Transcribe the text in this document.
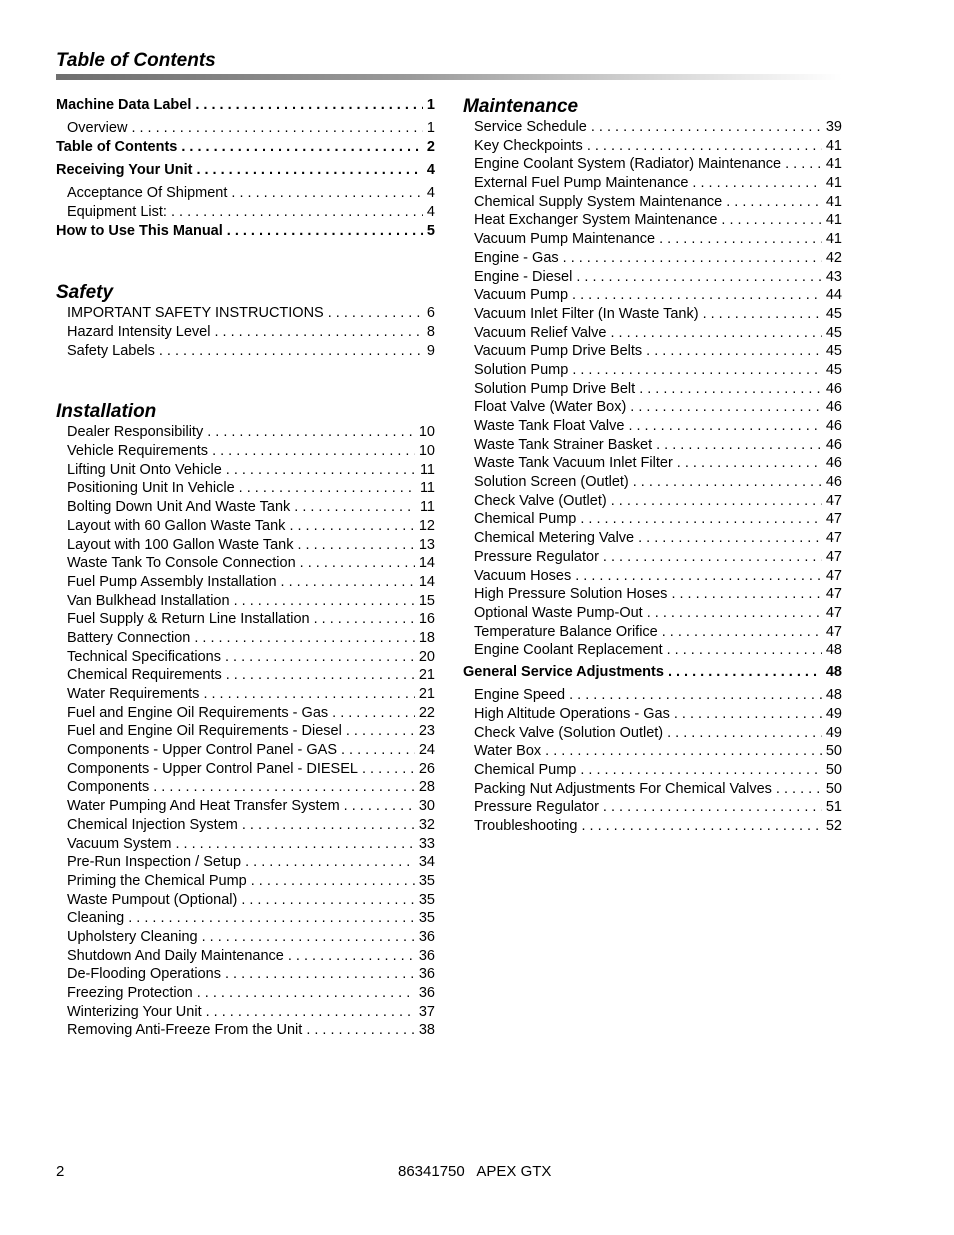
Table of Contents
Machine Data Label . . .	1
Overview . . .	1
Table of Contents . . .	2
Receiving Your Unit . . .	4
Acceptance Of Shipment . . .	4
Equipment List: . . .	4
How to Use This Manual . . .	5
Safety
IMPORTANT SAFETY INSTRUCTIONS . . .	6
Hazard Intensity Level . . .	8
Safety Labels . . .	9
Installation
Dealer Responsibility . . .	10
Vehicle Requirements . . .	10
Lifting Unit Onto Vehicle . . .	11
Positioning Unit In Vehicle . . .	11
Bolting Down Unit And Waste Tank . . .	11
Layout with 60 Gallon Waste Tank . . .	12
Layout with 100 Gallon Waste Tank . . .	13
Waste Tank To Console Connection . . .	14
Fuel Pump Assembly Installation . . .	14
Van Bulkhead Installation . . .	15
Fuel Supply & Return Line Installation . . .	16
Battery Connection . . .	18
Technical Specifications . . .	20
Chemical Requirements . . .	21
Water Requirements . . .	21
Fuel and Engine Oil Requirements - Gas . . .	22
Fuel and Engine Oil Requirements - Diesel . . .	23
Components - Upper Control Panel - GAS . . .	24
Components - Upper Control Panel - DIESEL . . .	26
Components . . .	28
Water Pumping And Heat Transfer System . . .	30
Chemical Injection System . . .	32
Vacuum System . . .	33
Pre-Run Inspection / Setup . . .	34
Priming the Chemical Pump . . .	35
Waste Pumpout (Optional) . . .	35
Cleaning . . .	35
Upholstery Cleaning . . .	36
Shutdown And Daily Maintenance . . .	36
De-Flooding Operations . . .	36
Freezing Protection . . .	36
Winterizing Your Unit . . .	37
Removing Anti-Freeze From the Unit . . .	38
Maintenance
Service Schedule . . .	39
Key Checkpoints . . .	41
Engine Coolant System (Radiator) Maintenance . . .	41
External Fuel Pump Maintenance . . .	41
Chemical Supply System Maintenance . . .	41
Heat Exchanger System Maintenance . . .	41
Vacuum Pump Maintenance . . .	41
Engine - Gas . . .	42
Engine - Diesel . . .	43
Vacuum Pump . . .	44
Vacuum Inlet Filter (In Waste Tank) . . .	45
Vacuum Relief Valve . . .	45
Vacuum Pump Drive Belts . . .	45
Solution Pump . . .	45
Solution Pump Drive Belt . . .	46
Float Valve (Water Box) . . .	46
Waste Tank Float Valve . . .	46
Waste Tank Strainer Basket . . .	46
Waste Tank Vacuum Inlet Filter . . .	46
Solution Screen (Outlet) . . .	46
Check Valve (Outlet) . . .	47
Chemical Pump . . .	47
Chemical Metering Valve . . .	47
Pressure Regulator . . .	47
Vacuum Hoses . . .	47
High Pressure Solution Hoses . . .	47
Optional Waste Pump-Out . . .	47
Temperature Balance Orifice . . .	47
Engine Coolant Replacement . . .	48
General Service Adjustments . . .	48
Engine Speed . . .	48
High Altitude Operations - Gas . . .	49
Check Valve (Solution Outlet) . . .	49
Water Box . . .	50
Chemical Pump . . .	50
Packing Nut Adjustments For Chemical Valves . . .	50
Pressure Regulator . . .	51
Troubleshooting . . .	52
2	86341750   APEX GTX
